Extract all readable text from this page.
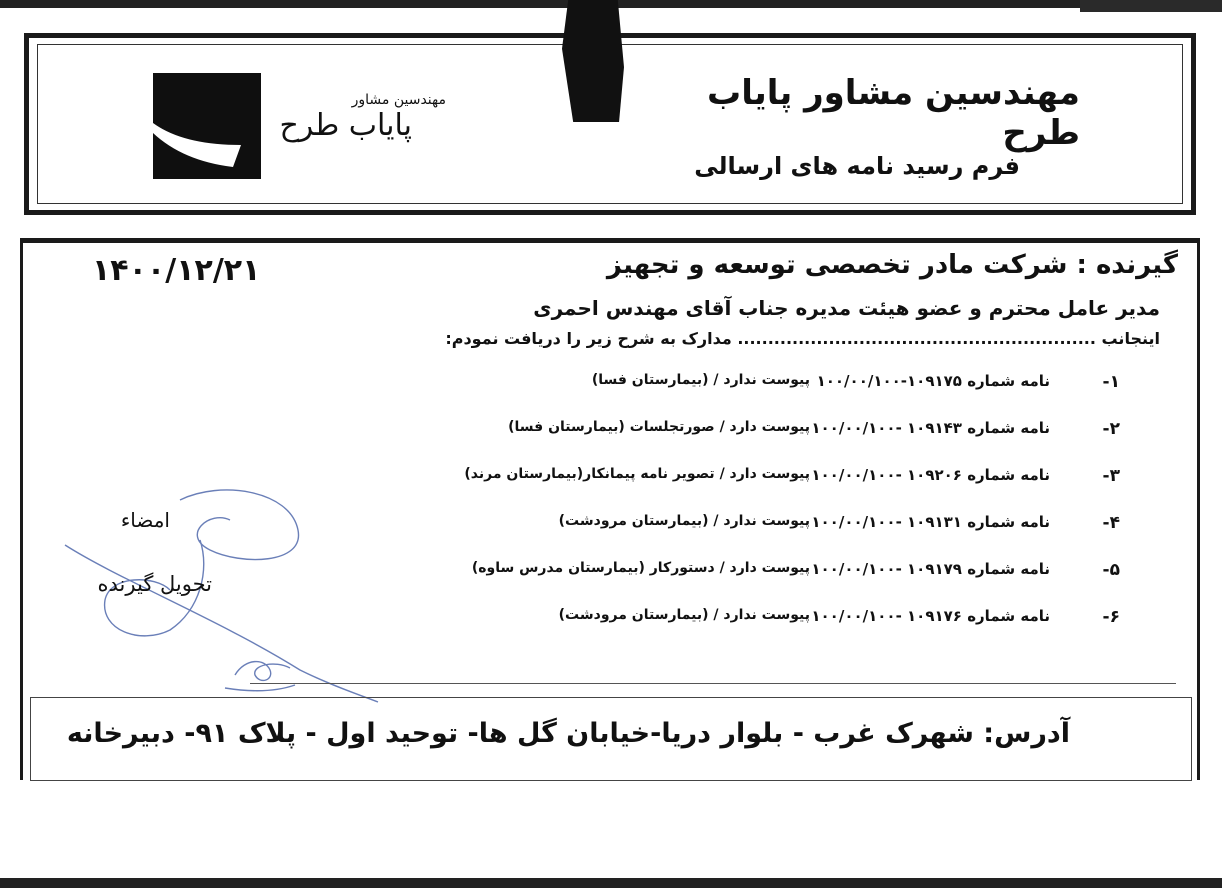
مهندسین مشاور پایاب طرح
فرم رسید نامه های ارسالی
مهندسین مشاور
پایاب طرح
۱۴۰۰/۱۲/۲۱	گیرنده : شرکت مادر تخصصی توسعه و تجهیز
مدیر عامل محترم و عضو هیئت مدیره جناب آقای مهندس احمری
اینجانب ........................................................... مدارک به شرح زیر را دریافت نمودم:
۱-
نامه شماره ۱۰۹۱۷۵-۱۰۰/۰۰/۱۰۰
پیوست ندارد / (بیمارستان فسا)
۲-
نامه شماره ۱۰۹۱۴۳ -۱۰۰/۰۰/۱۰۰
پیوست دارد / صورتجلسات (بیمارستان فسا)
۳-
نامه شماره ۱۰۹۲۰۶ -۱۰۰/۰۰/۱۰۰
پیوست دارد / تصویر نامه پیمانکار(بیمارستان مرند)
۴-
نامه شماره ۱۰۹۱۳۱ -۱۰۰/۰۰/۱۰۰
پیوست ندارد / (بیمارستان مرودشت)
۵-
نامه شماره ۱۰۹۱۷۹ -۱۰۰/۰۰/۱۰۰
پیوست دارد / دستورکار (بیمارستان مدرس ساوه)
۶-
نامه شماره ۱۰۹۱۷۶ -۱۰۰/۰۰/۱۰۰
پیوست ندارد / (بیمارستان مرودشت)
امضاء
تحویل گیرنده
آدرس: شهرک غرب - بلوار دریا-خیابان گل ها- توحید اول - پلاک ۹۱- دبیرخانه
